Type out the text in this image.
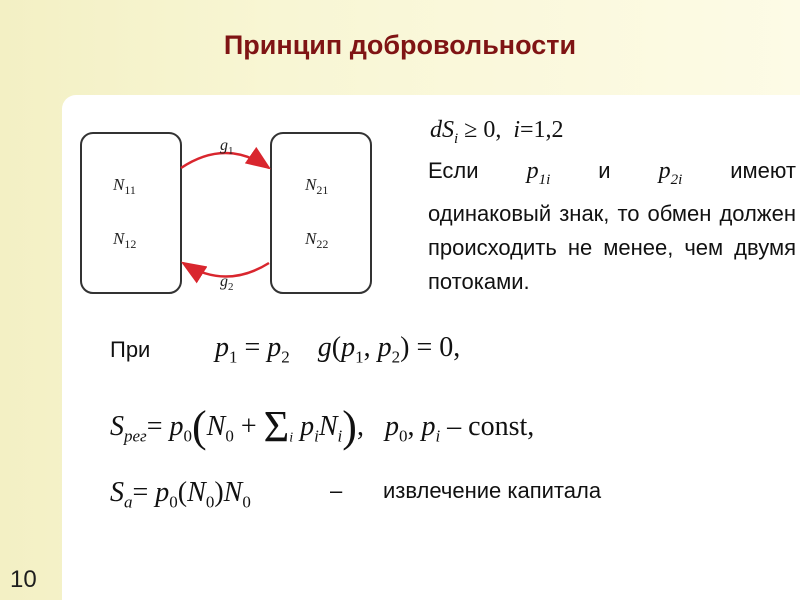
Принцип добровольности
$g_1$
$g_2$
$N_{11}$
$N_{12}$
$N_{21}$
$N_{22}$
$dS_i \ge 0$,  i=1,2
Если $p_{1i}$ и $p_{2i}$ имеют одинаковый знак, то обмен должен происходить не менее, чем двумя потоками.
При $p_1 = p_2$ $g(p_1$, $p_2) = 0$,
$S_{рег}= p_0(N_0 + \Sigma_i$ $p_iN_i$),   $p_0$, $p_i$ – const,
$S_a= p_0(N_0)N_0$	– извлечение капитала
10
